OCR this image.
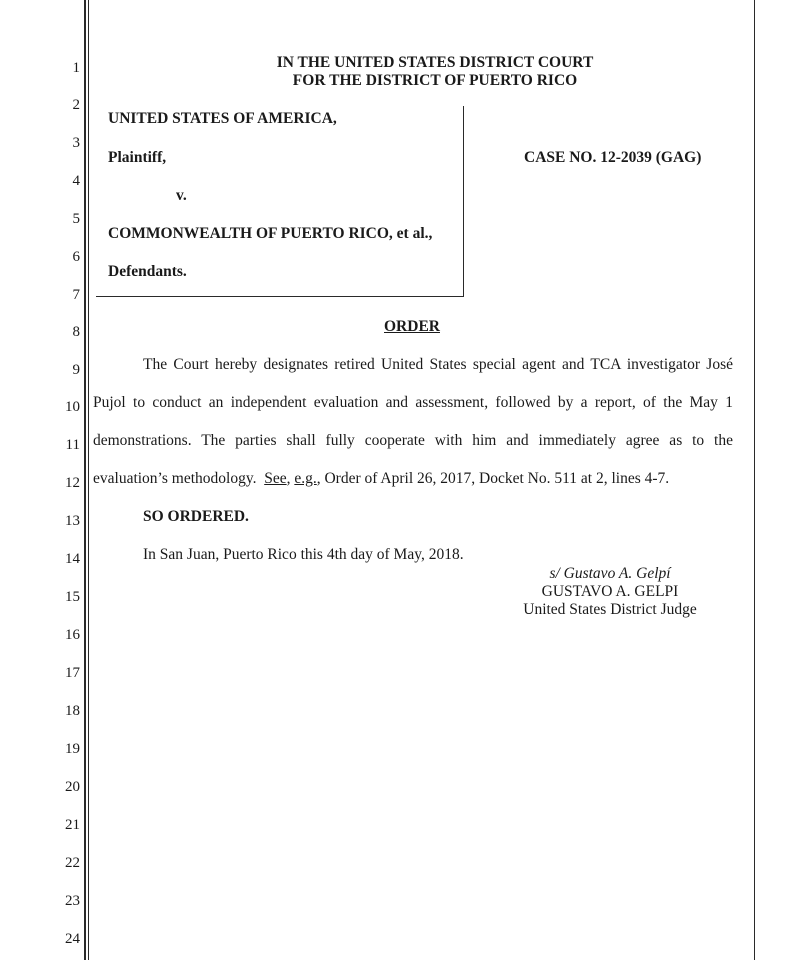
1
2
3
4
5
6
7
8
9
10
11
12
13
14
15
16
17
18
19
20
21
22
23
24
IN THE UNITED STATES DISTRICT COURT
FOR THE DISTRICT OF PUERTO RICO
UNITED STATES OF AMERICA,
Plaintiff,
v.
COMMONWEALTH OF PUERTO RICO, et al.,
Defendants.
CASE NO. 12-2039 (GAG)
ORDER
The Court hereby designates retired United States special agent and TCA investigator José
Pujol to conduct an independent evaluation and assessment, followed by a report, of the May 1
demonstrations. The parties shall fully cooperate with him and immediately agree as to the
evaluation’s methodology. See, e.g., Order of April 26, 2017, Docket No. 511 at 2, lines 4-7.
SO ORDERED.
In San Juan, Puerto Rico this 4th day of May, 2018.
s/ Gustavo A. Gelpí
GUSTAVO A. GELPI
United States District Judge
